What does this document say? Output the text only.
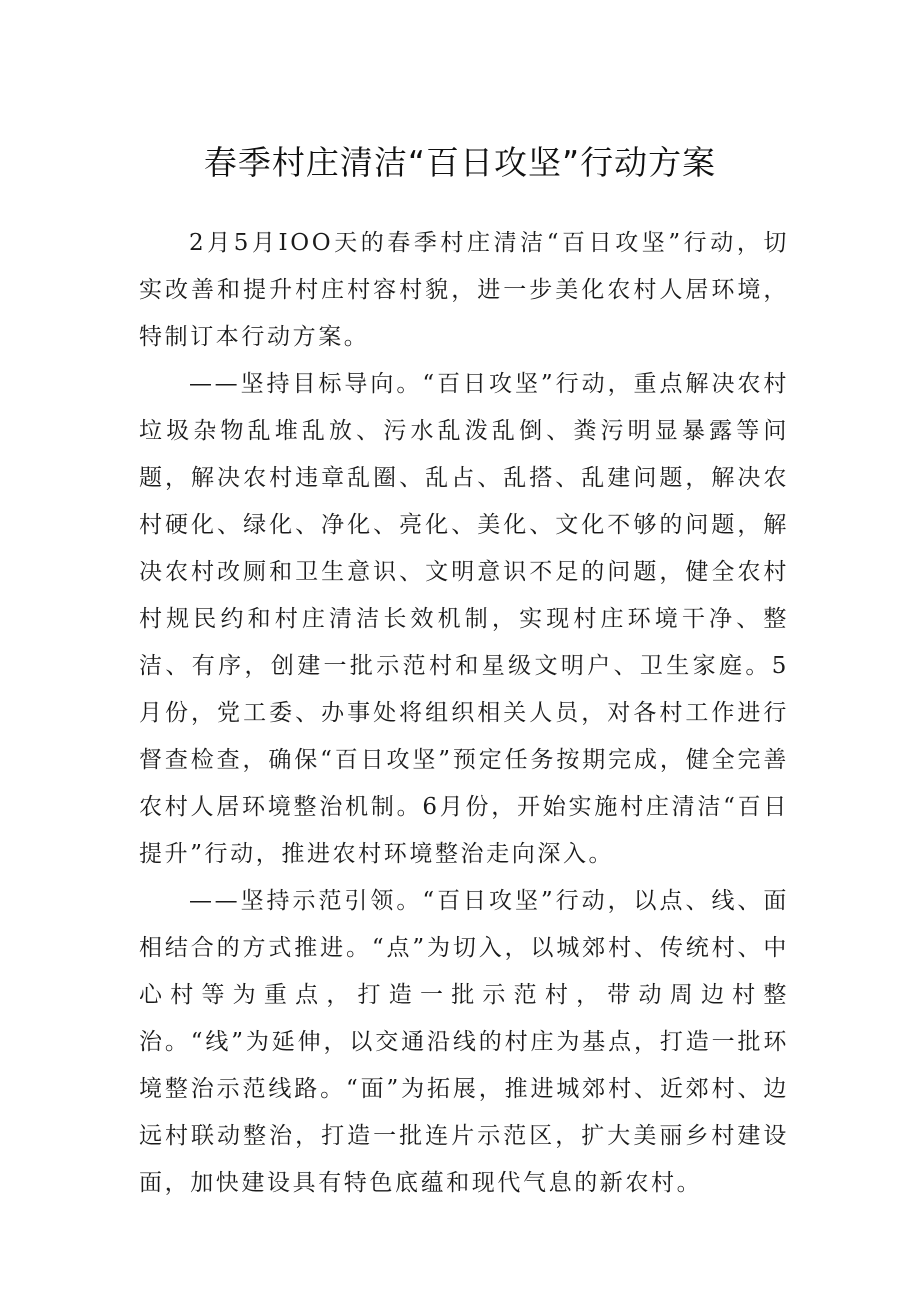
春季村庄清洁“百日攻坚”行动方案

2月5月IOO天的春季村庄清洁“百日攻坚”行动，切实改善和提升村庄村容村貌，进一步美化农村人居环境，特制订本行动方案。

——坚持目标导向。“百日攻坚”行动，重点解决农村垃圾杂物乱堆乱放、污水乱泼乱倒、粪污明显暴露等问题，解决农村违章乱圈、乱占、乱搭、乱建问题，解决农村硬化、绿化、净化、亮化、美化、文化不够的问题，解决农村改厕和卫生意识、文明意识不足的问题，健全农村村规民约和村庄清洁长效机制，实现村庄环境干净、整洁、有序，创建一批示范村和星级文明户、卫生家庭。5月份，党工委、办事处将组织相关人员，对各村工作进行督查检查，确保“百日攻坚”预定任务按期完成，健全完善农村人居环境整治机制。6月份，开始实施村庄清洁“百日提升”行动，推进农村环境整治走向深入。

——坚持示范引领。“百日攻坚”行动，以点、线、面相结合的方式推进。“点”为切入，以城郊村、传统村、中心村等为重点，打造一批示范村，带动周边村整治。“线”为延伸，以交通沿线的村庄为基点，打造一批环境整治示范线路。“面”为拓展，推进城郊村、近郊村、边远村联动整治，打造一批连片示范区，扩大美丽乡村建设面，加快建设具有特色底蕴和现代气息的新农村。
